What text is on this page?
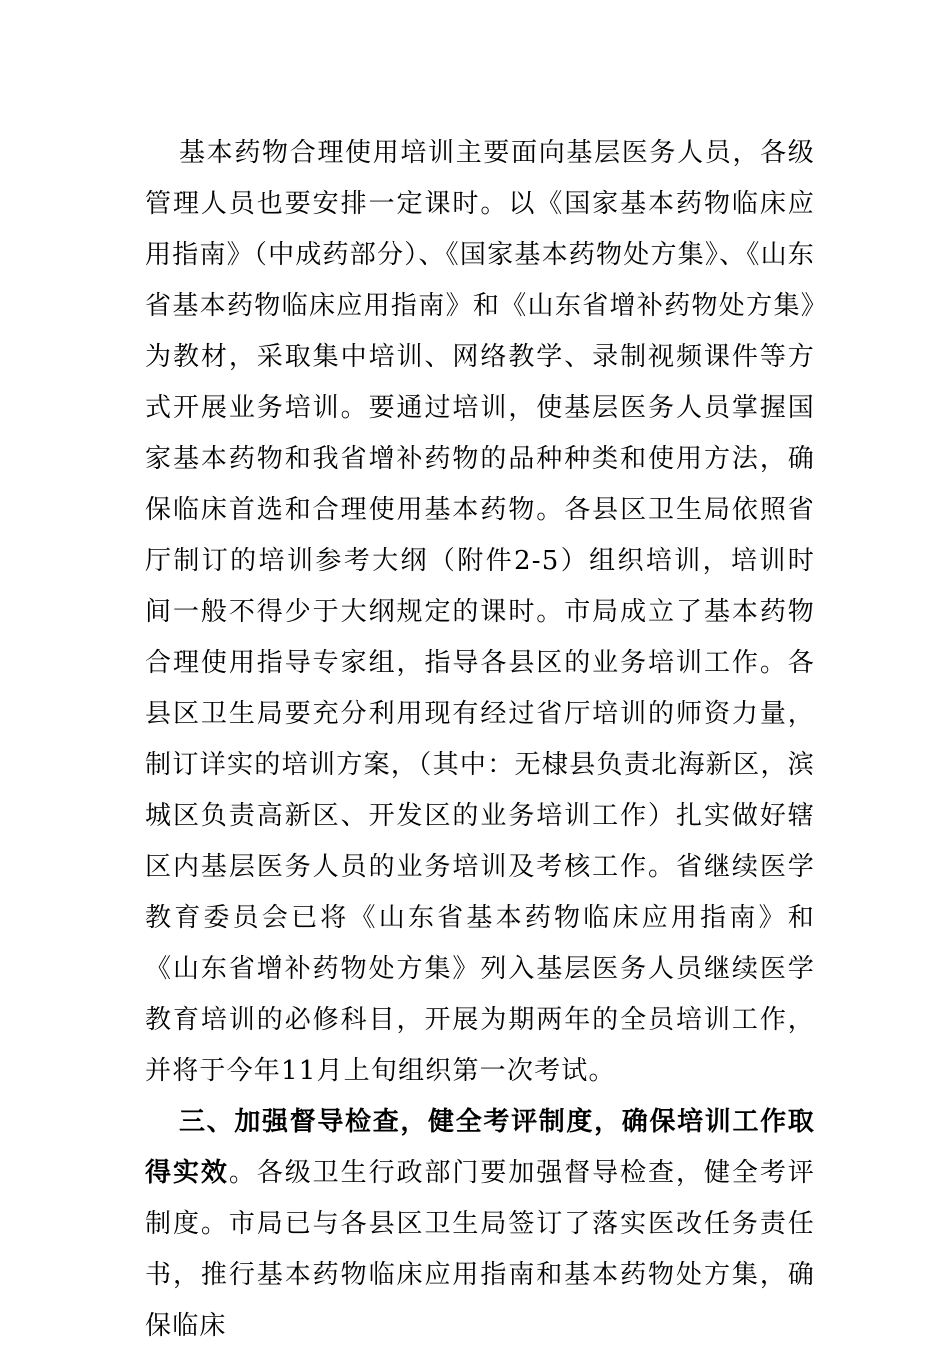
基本药物合理使用培训主要面向基层医务人员，各级管理人员也要安排一定课时。以《国家基本药物临床应用指南》（中成药部分）、《国家基本药物处方集》、《山东省基本药物临床应用指南》和《山东省增补药物处方集》为教材，采取集中培训、网络教学、录制视频课件等方式开展业务培训。要通过培训，使基层医务人员掌握国家基本药物和我省增补药物的品种种类和使用方法，确保临床首选和合理使用基本药物。各县区卫生局依照省厅制订的培训参考大纲（附件2-5）组织培训，培训时间一般不得少于大纲规定的课时。市局成立了基本药物合理使用指导专家组，指导各县区的业务培训工作。各县区卫生局要充分利用现有经过省厅培训的师资力量，制订详实的培训方案，（其中：无棣县负责北海新区，滨城区负责高新区、开发区的业务培训工作）扎实做好辖区内基层医务人员的业务培训及考核工作。省继续医学教育委员会已将《山东省基本药物临床应用指南》和《山东省增补药物处方集》列入基层医务人员继续医学教育培训的必修科目，开展为期两年的全员培训工作，并将于今年11月上旬组织第一次考试。

三、加强督导检查，健全考评制度，确保培训工作取得实效。各级卫生行政部门要加强督导检查，健全考评制度。市局已与各县区卫生局签订了落实医改任务责任书，推行基本药物临床应用指南和基本药物处方集，确保临床
